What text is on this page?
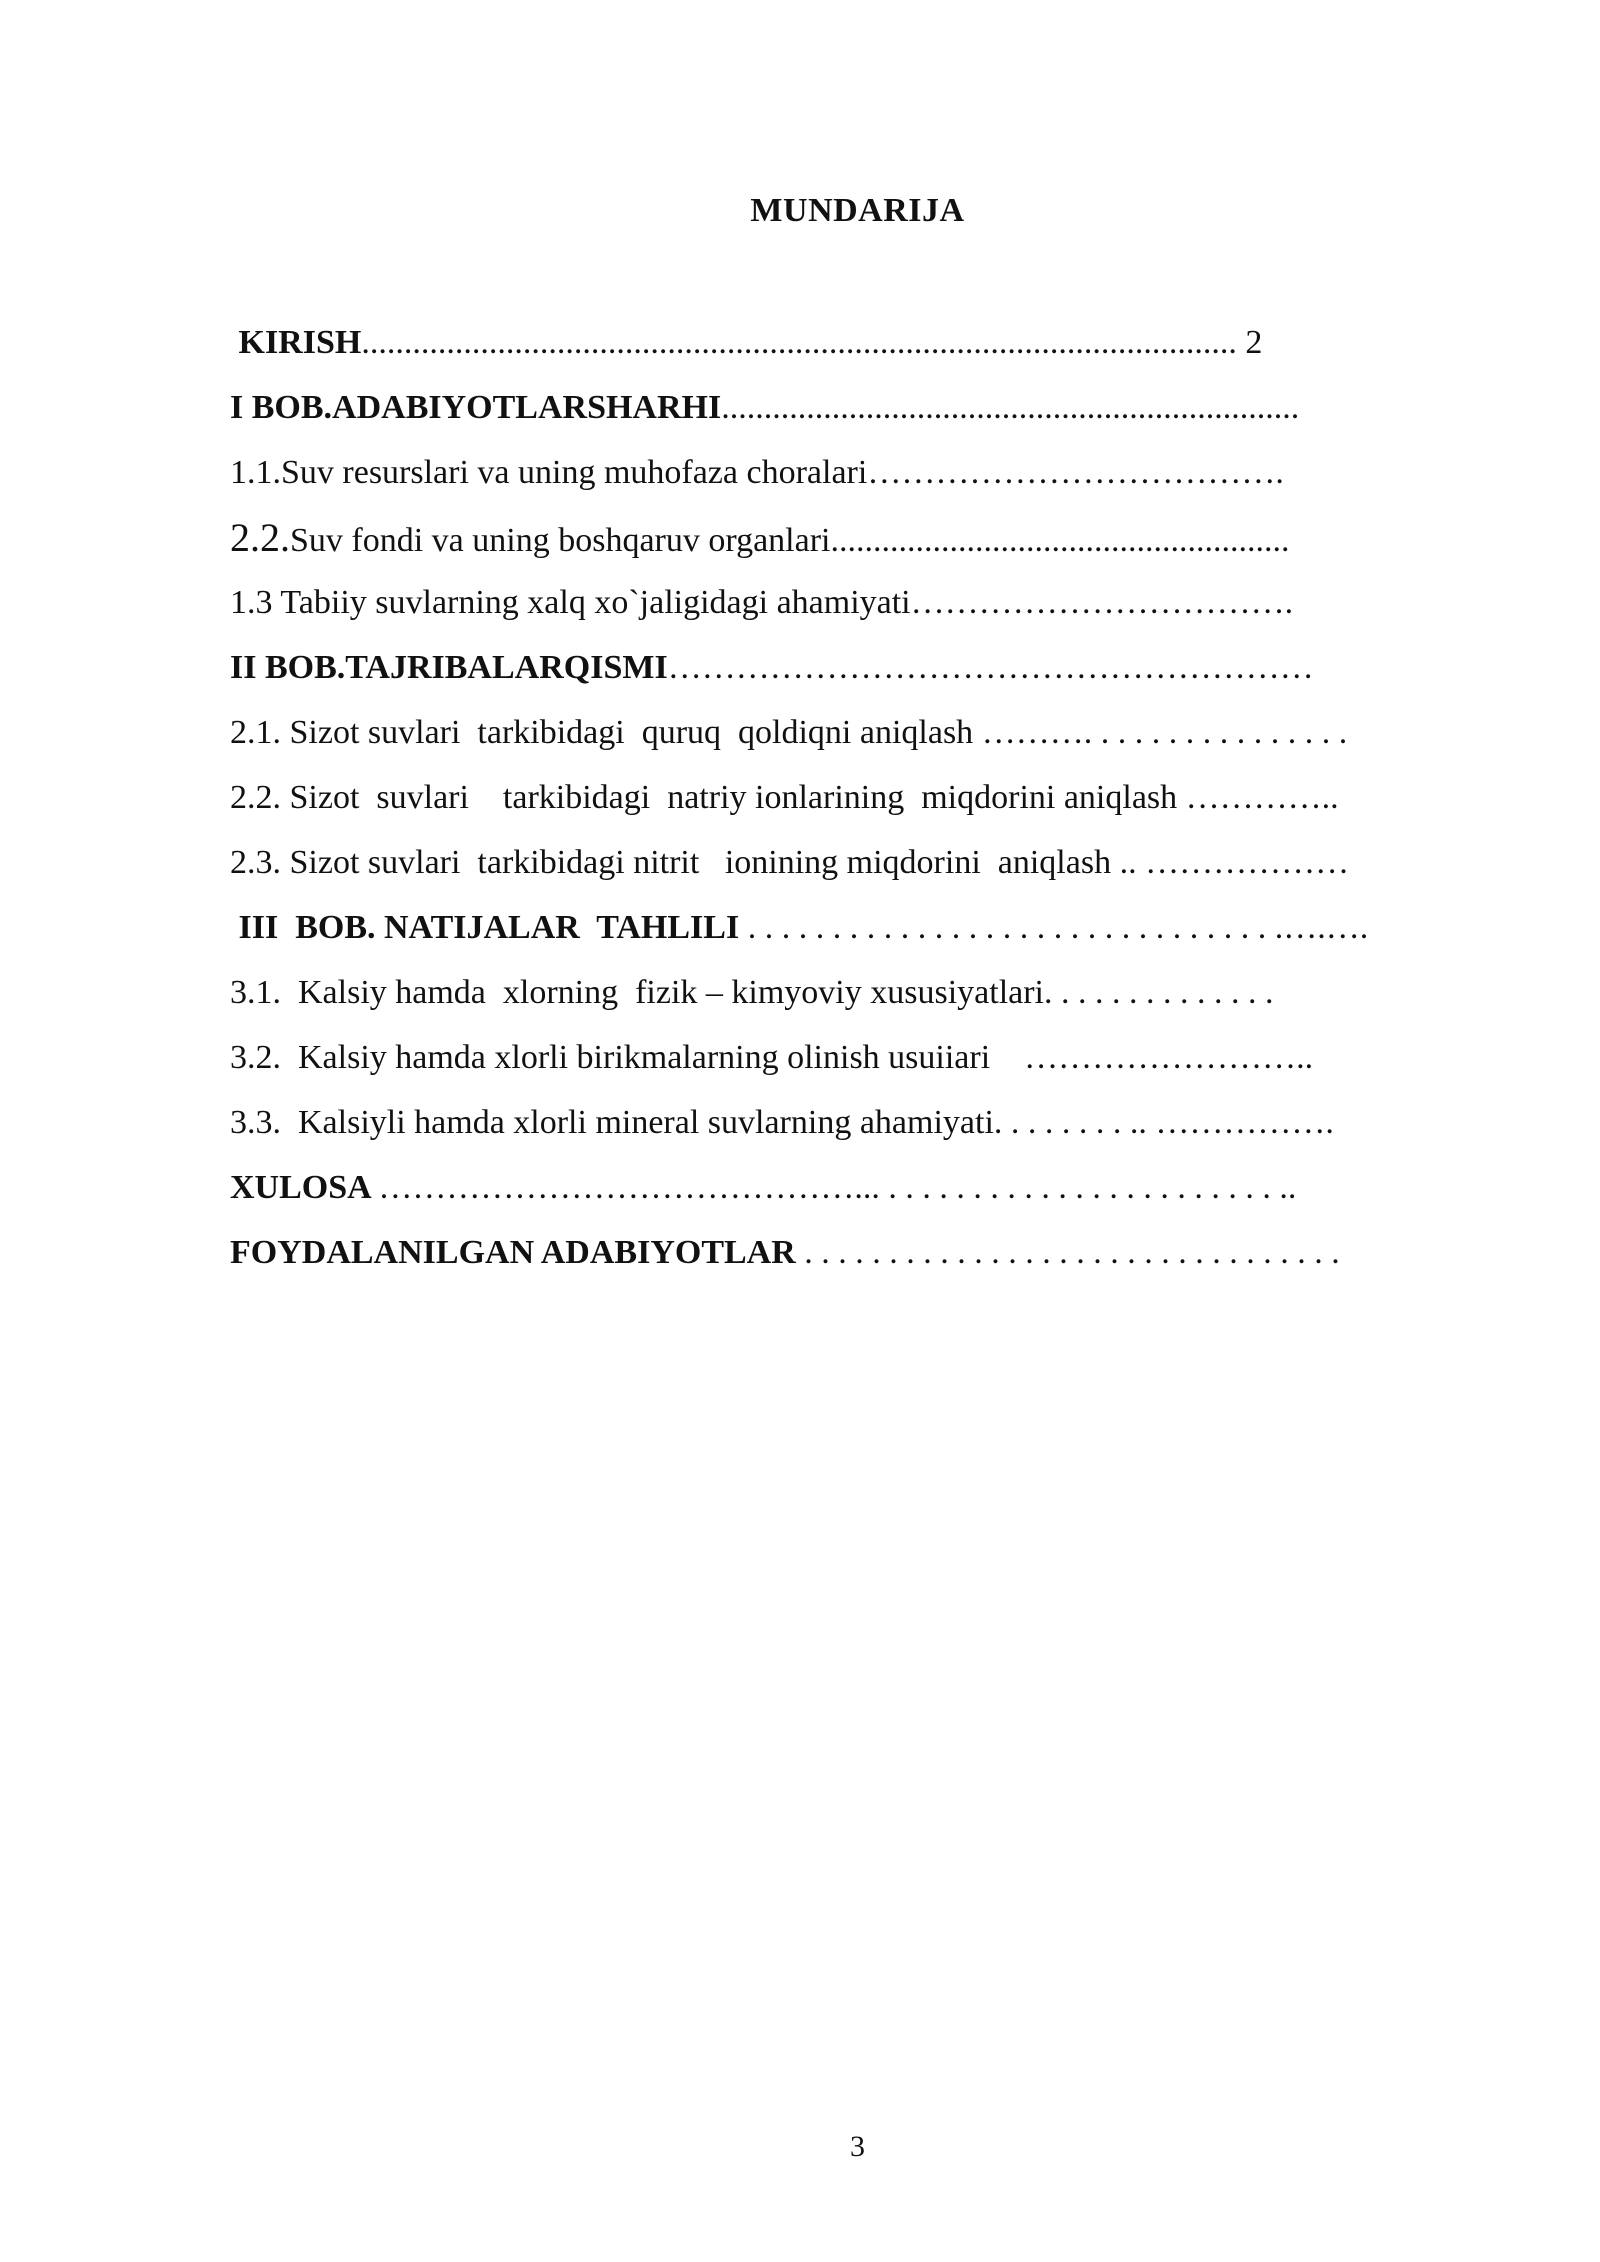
MUNDARIJA
KIRISH....................................................................................................... 2
I BOB.ADABIYOTLARSHARHI....................................................................
1.1.Suv resurslari va uning muhofaza choralari……………………………….
2.2.Suv fondi va uning boshqaruv organlari......................................................
1.3 Tabiiy suvlarning xalq xo`jaligidagi ahamiyati…………………………….
II BOB.TAJRIBALARQISMI…………………………………………………
2.1. Sizot suvlari  tarkibidagi  quruq  qoldiqni aniqlash ………. . . . . . . . . . . . . . . .
2.2. Sizot  suvlari    tarkibidagi  natriy ionlarining  miqdorini aniqlash …………..
2.3. Sizot suvlari  tarkibidagi nitrit   ionining miqdorini  aniqlash .. ………………
III  BOB. NATIJALAR  TAHLILI . . . . . . . . . . . . . . . . . . . . . . . . . . . . . . . .….….
3.1.  Kalsiy hamda  xlorning  fizik – kimyoviy xususiyatlari. . . . . . . . . . . . . .
3.2.  Kalsiy hamda xlorli birikmalarning olinish usuiiari    ……………………..
3.3.  Kalsiyli hamda xlorli mineral suvlarning ahamiyati. . . . . . . . .. …………….
XULOSA ……………………………………... . . . . . . . . . . . . . . . . . . . . . . . ..
FOYDALANILGAN ADABIYOTLAR . . . . . . . . . . . . . . . . . . . . . . . . . . . . . . . .
3
